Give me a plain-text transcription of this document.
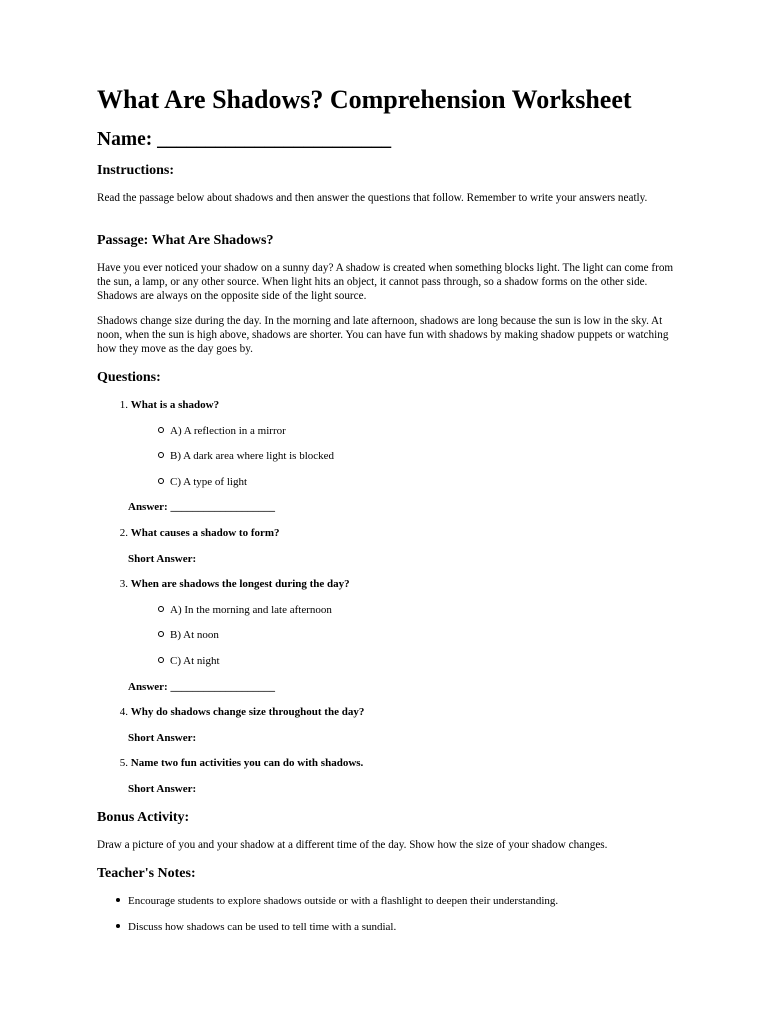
What Are Shadows? Comprehension Worksheet
Name: ________________________
Instructions:

Read the passage below about shadows and then answer the questions that follow. Remember to write your answers neatly.

Passage: What Are Shadows?

Have you ever noticed your shadow on a sunny day? A shadow is created when something blocks light. The light can come from the sun, a lamp, or any other source. When light hits an object, it cannot pass through, so a shadow forms on the other side. Shadows are always on the opposite side of the light source.

Shadows change size during the day. In the morning and late afternoon, shadows are long because the sun is low in the sky. At noon, when the sun is high above, shadows are shorter. You can have fun with shadows by making shadow puppets or watching how they move as the day goes by.

Questions:
1. What is a shadow?
A) A reflection in a mirror
B) A dark area where light is blocked
C) A type of light
Answer: ___________________
2. What causes a shadow to form?
Short Answer:
3. When are shadows the longest during the day?
A) In the morning and late afternoon
B) At noon
C) At night
Answer: ___________________
4. Why do shadows change size throughout the day?
Short Answer:
5. Name two fun activities you can do with shadows.
Short Answer:
Bonus Activity:

Draw a picture of you and your shadow at a different time of the day. Show how the size of your shadow changes.

Teacher's Notes:
Encourage students to explore shadows outside or with a flashlight to deepen their understanding.
Discuss how shadows can be used to tell time with a sundial.
